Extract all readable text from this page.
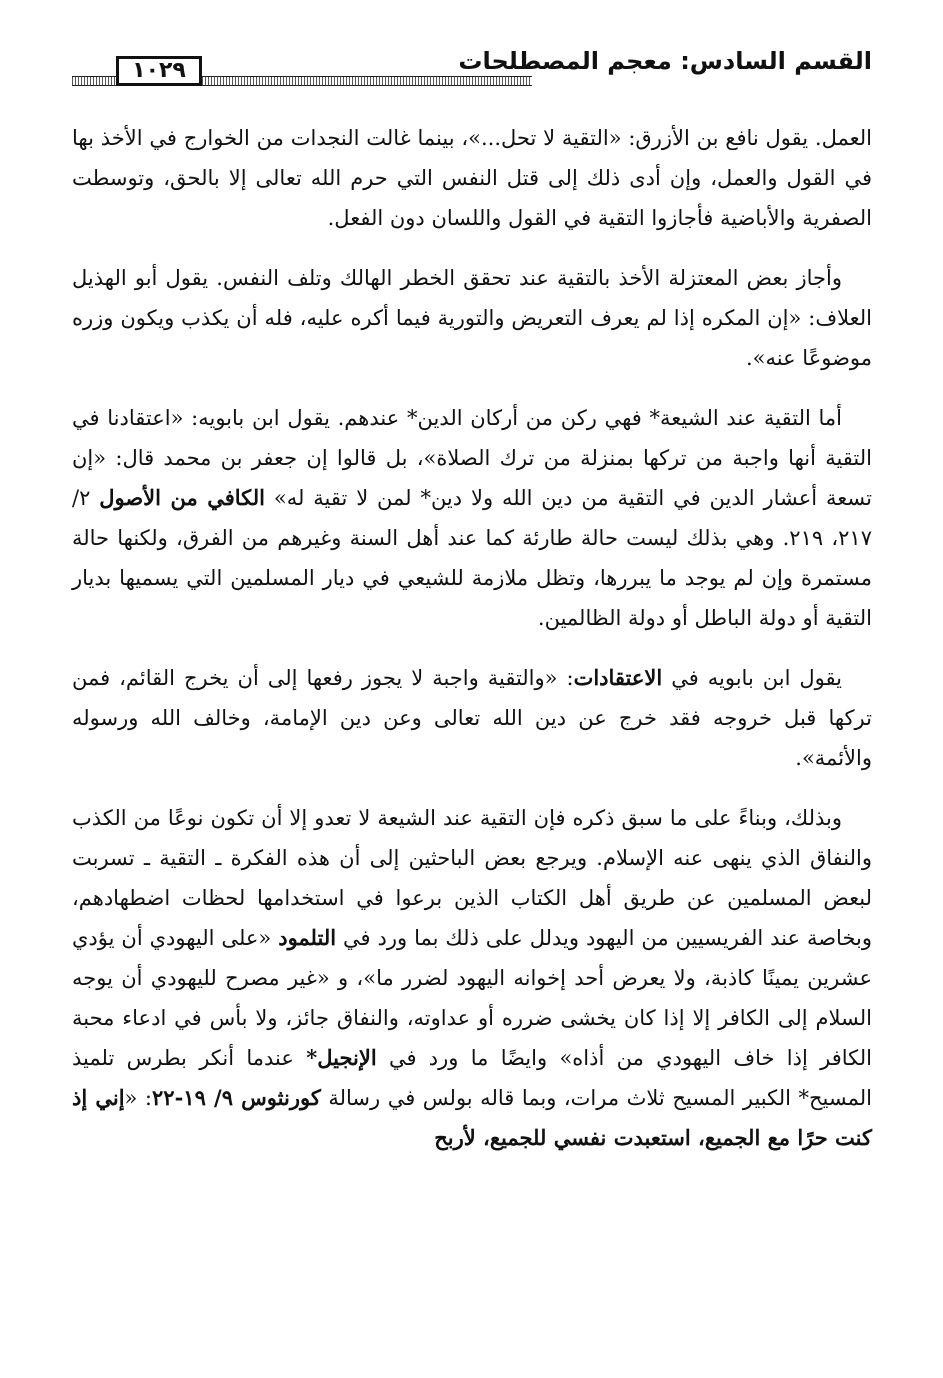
القسم السادس: معجم المصطلحات
١٠٢٩

العمل. يقول نافع بن الأزرق: «التقية لا تحل...»، بينما غالت النجدات من الخوارج في الأخذ بها في القول والعمل، وإن أدى ذلك إلى قتل النفس التي حرم الله تعالى إلا بالحق، وتوسطت الصفرية والأباضية فأجازوا التقية في القول واللسان دون الفعل.

وأجاز بعض المعتزلة الأخذ بالتقية عند تحقق الخطر الهالك وتلف النفس. يقول أبو الهذيل العلاف: «إن المكره إذا لم يعرف التعريض والتورية فيما أكره عليه، فله أن يكذب ويكون وزره موضوعًا عنه».

أما التقية عند الشيعة* فهي ركن من أركان الدين* عندهم. يقول ابن بابويه: «اعتقادنا في التقية أنها واجبة من تركها بمنزلة من ترك الصلاة»، بل قالوا إن جعفر بن محمد قال: «إن تسعة أعشار الدين في التقية من دين الله ولا دين* لمن لا تقية له» الكافي من الأصول ٢/ ٢١٧، ٢١٩. وهي بذلك ليست حالة طارئة كما عند أهل السنة وغيرهم من الفرق، ولكنها حالة مستمرة وإن لم يوجد ما يبررها، وتظل ملازمة للشيعي في ديار المسلمين التي يسميها بديار التقية أو دولة الباطل أو دولة الظالمين.

يقول ابن بابويه في الاعتقادات: «والتقية واجبة لا يجوز رفعها إلى أن يخرج القائم، فمن تركها قبل خروجه فقد خرج عن دين الله تعالى وعن دين الإمامة، وخالف الله ورسوله والأئمة».

وبذلك، وبناءً على ما سبق ذكره فإن التقية عند الشيعة لا تعدو إلا أن تكون نوعًا من الكذب والنفاق الذي ينهى عنه الإسلام. ويرجع بعض الباحثين إلى أن هذه الفكرة ـ التقية ـ تسربت لبعض المسلمين عن طريق أهل الكتاب الذين برعوا في استخدامها لحظات اضطهادهم، وبخاصة عند الفريسيين من اليهود ويدلل على ذلك بما ورد في التلمود «على اليهودي أن يؤدي عشرين يمينًا كاذبة، ولا يعرض أحد إخوانه اليهود لضرر ما»، و «غير مصرح لليهودي أن يوجه السلام إلى الكافر إلا إذا كان يخشى ضرره أو عداوته، والنفاق جائز، ولا بأس في ادعاء محبة الكافر إذا خاف اليهودي من أذاه» وايضًا ما ورد في الإنجيل* عندما أنكر بطرس تلميذ المسيح* الكبير المسيح ثلاث مرات، وبما قاله بولس في رسالة كورنثوس ٩/ ١٩-٢٢: «إني إذ كنت حرًا مع الجميع، استعبدت نفسي للجميع، لأربح
